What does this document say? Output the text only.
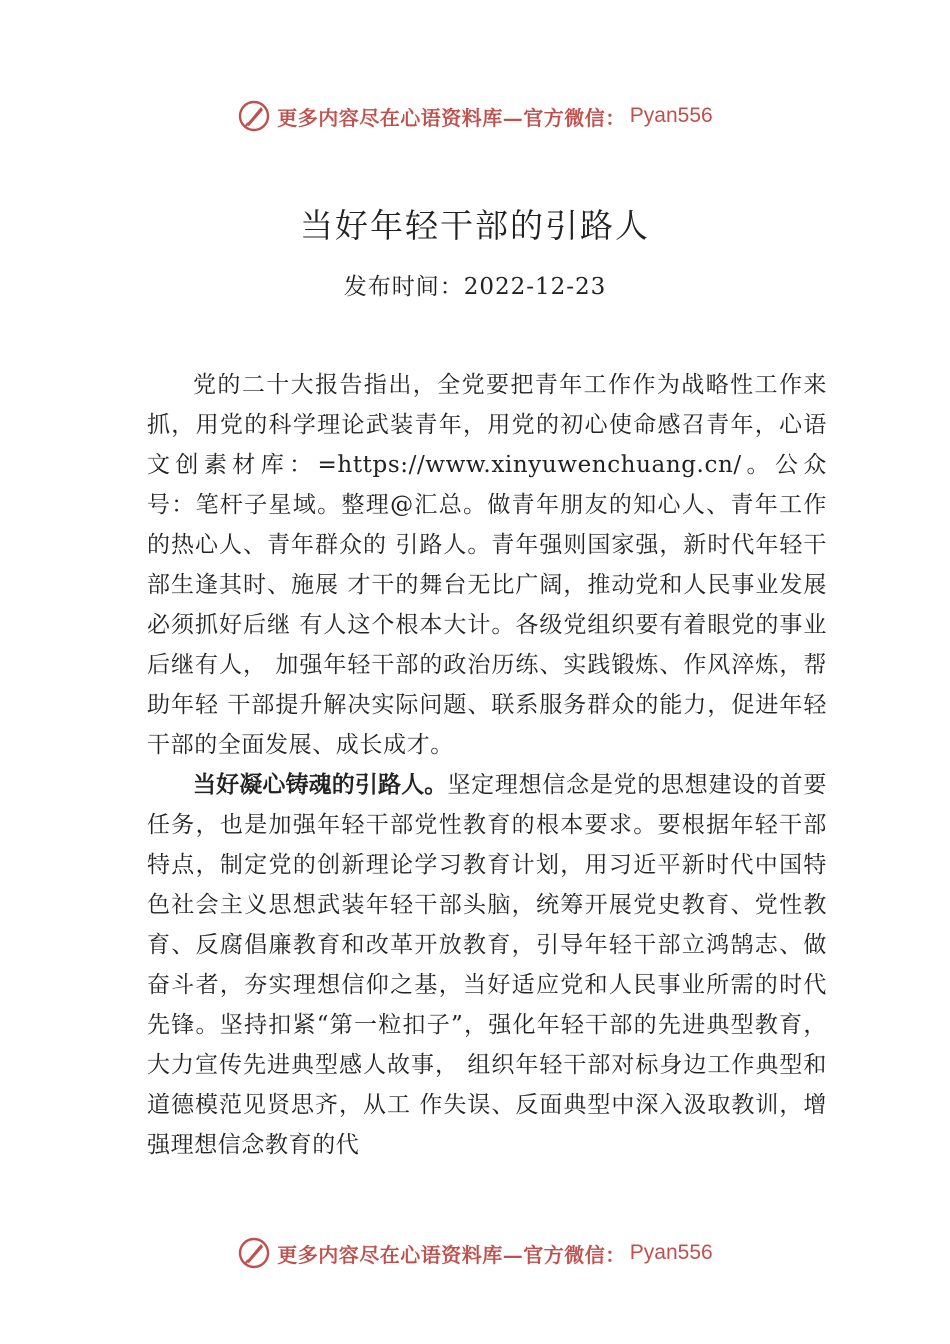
更多内容尽在心语资料库—官方微信： Pyan556
当好年轻干部的引路人
发布时间：2022-12-23

党的二十大报告指出，全党要把青年工作作为战略性工作来抓，用党的科学理论武装青年，用党的初心使命感召青年，心语文创素材库：=https://www.xinyuwenchuang.cn/。公众号：笔杆子星域。整理@汇总。做青年朋友的知心人、青年工作的热心人、青年群众的 引路人。青年强则国家强，新时代年轻干部生逢其时、施展 才干的舞台无比广阔，推动党和人民事业发展必须抓好后继 有人这个根本大计。各级党组织要有着眼党的事业后继有人， 加强年轻干部的政治历练、实践锻炼、作风淬炼，帮助年轻 干部提升解决实际问题、联系服务群众的能力，促进年轻干部的全面发展、成长成才。

当好凝心铸魂的引路人。坚定理想信念是党的思想建设的首要任务，也是加强年轻干部党性教育的根本要求。要根据年轻干部特点，制定党的创新理论学习教育计划，用习近平新时代中国特色社会主义思想武装年轻干部头脑，统筹开展党史教育、党性教育、反腐倡廉教育和改革开放教育，引导年轻干部立鸿鹄志、做奋斗者，夯实理想信仰之基，当好适应党和人民事业所需的时代先锋。坚持扣紧“第一粒扣子”，强化年轻干部的先进典型教育，大力宣传先进典型感人故事， 组织年轻干部对标身边工作典型和道德模范见贤思齐，从工 作失误、反面典型中深入汲取教训，增强理想信念教育的代

更多内容尽在心语资料库—官方微信： Pyan556
